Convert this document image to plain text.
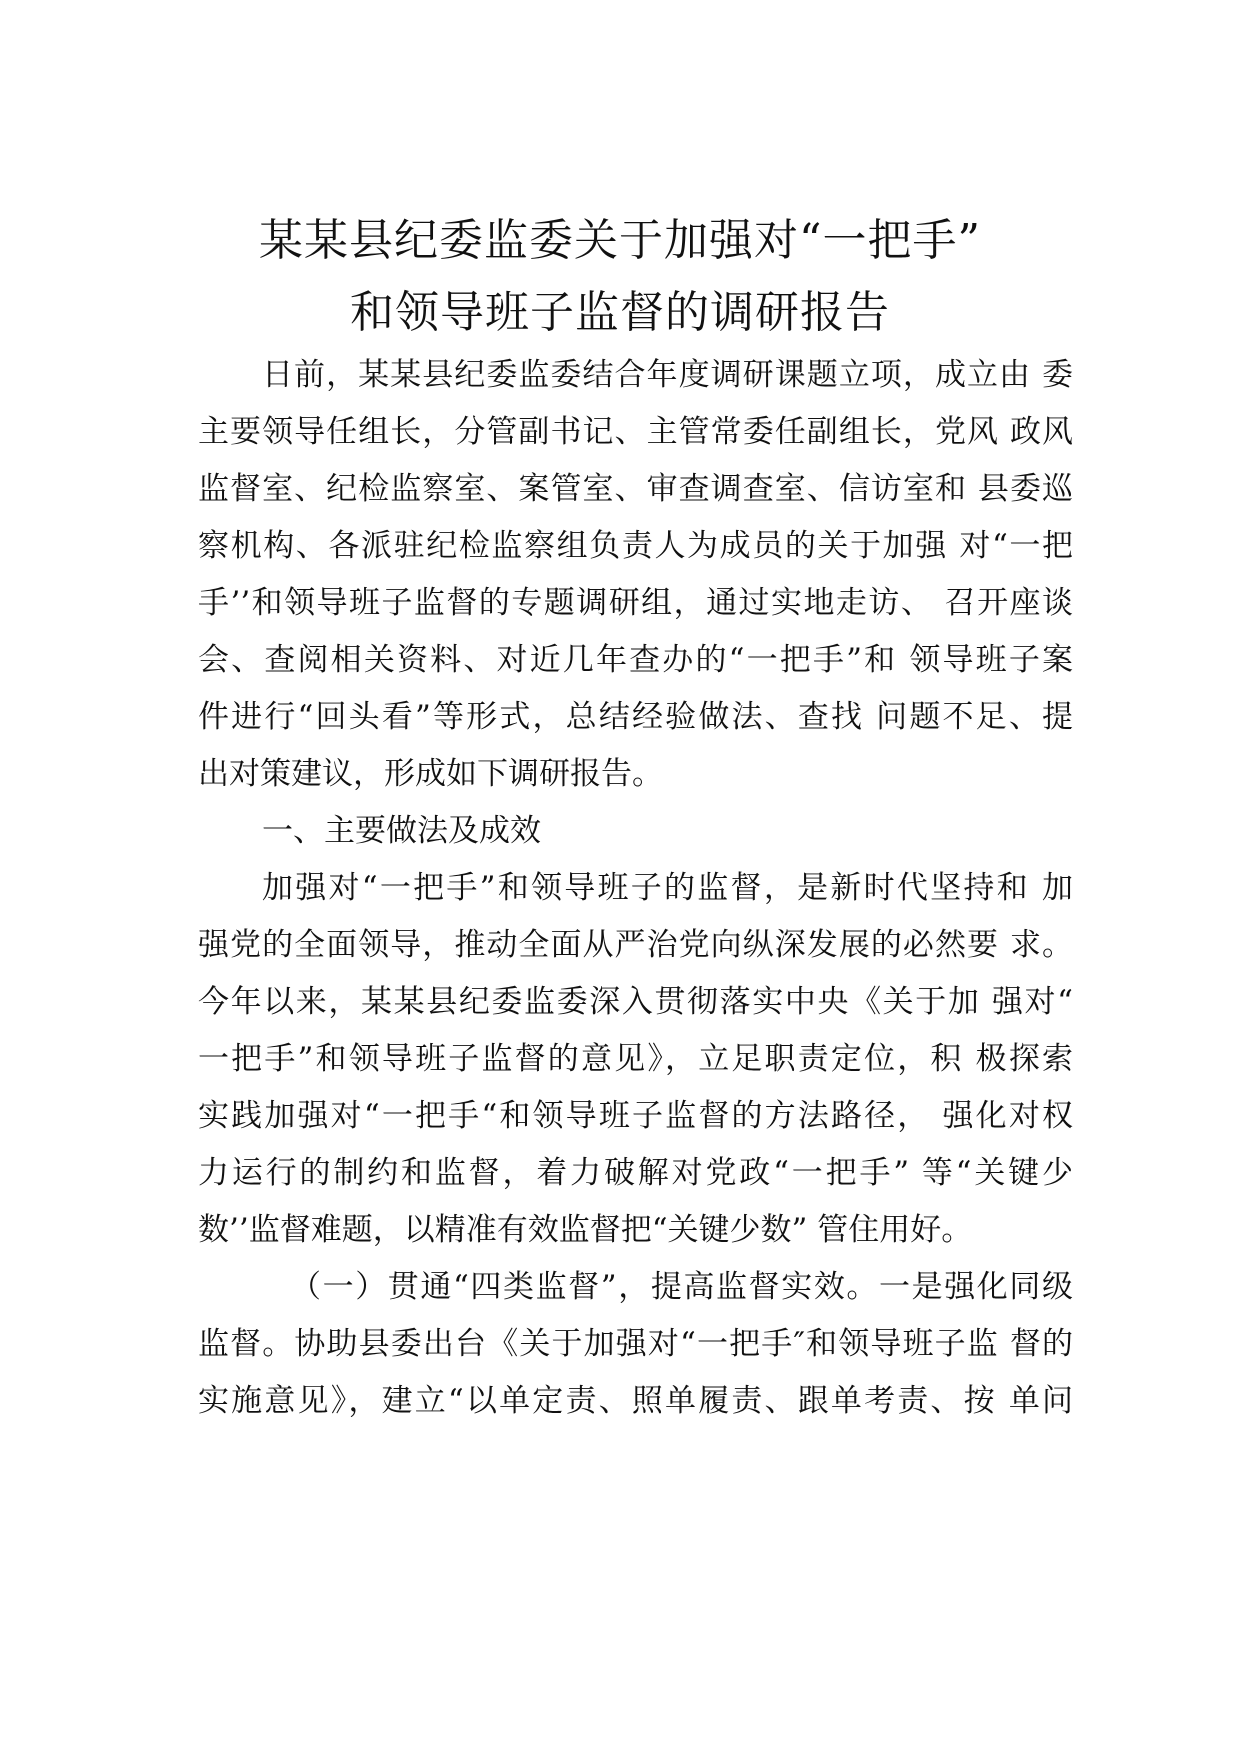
某某县纪委监委关于加强对“一把手”
和领导班子监督的调研报告
日前，某某县纪委监委结合年度调研课题立项，成立由 委
主要领导任组长，分管副书记、主管常委任副组长，党风 政风
监督室、纪检监察室、案管室、审查调查室、信访室和 县委巡
察机构、各派驻纪检监察组负责人为成员的关于加强 对“一把
手’’和领导班子监督的专题调研组，通过实地走访、 召开座谈
会、查阅相关资料、对近几年查办的“一把手”和 领导班子案
件进行“回头看”等形式，总结经验做法、查找 问题不足、提
出对策建议，形成如下调研报告。
一、主要做法及成效
加强对“一把手”和领导班子的监督，是新时代坚持和 加
强党的全面领导，推动全面从严治党向纵深发展的必然要 求。
今年以来，某某县纪委监委深入贯彻落实中央《关于加 强对“
一把手”和领导班子监督的意见》，立足职责定位，积 极探索
实践加强对“一把手“和领导班子监督的方法路径， 强化对权
力运行的制约和监督，着力破解对党政“一把手” 等“关键少
数’’监督难题，以精准有效监督把“关键少数” 管住用好。
（一）贯通“四类监督”，提高监督实效。一是强化同级
监督。协助县委出台《关于加强对“一把手″和领导班子监 督的
实施意见》，建立“以单定责、照单履责、跟单考责、按 单问
